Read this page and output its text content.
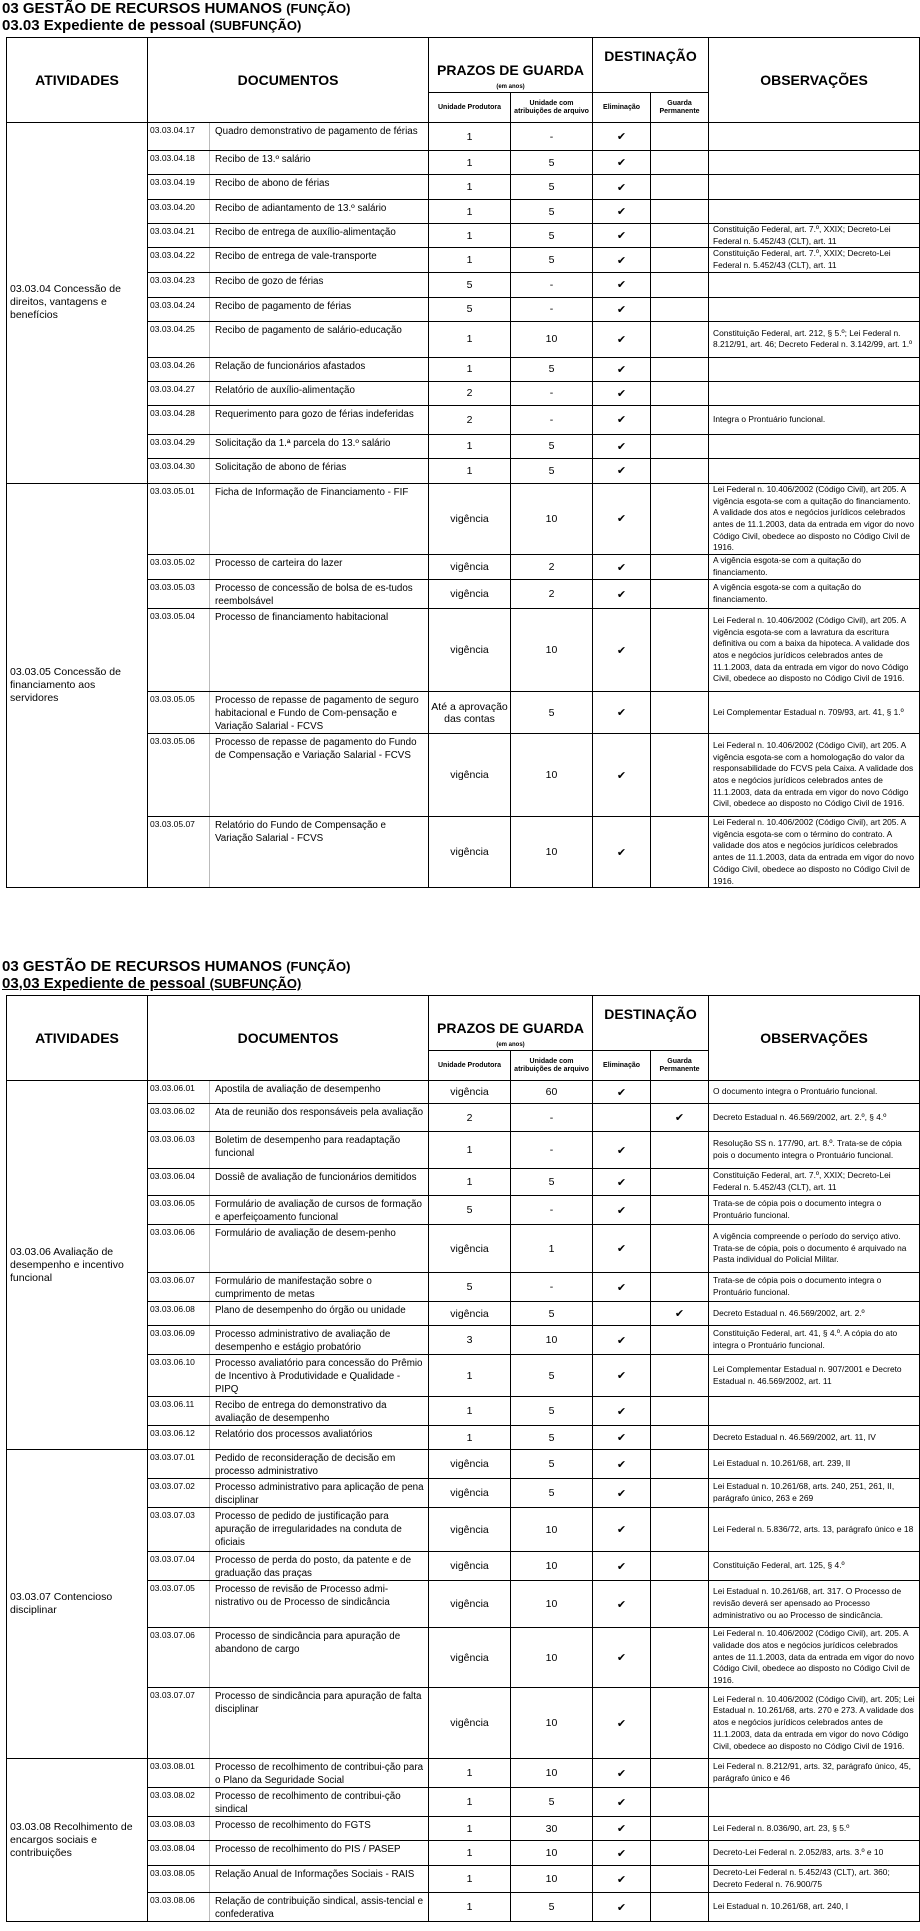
03 GESTÃO DE RECURSOS HUMANOS (FUNÇÃO)
03.03 Expediente de pessoal (SUBFUNÇÃO)
ATIVIDADES	DOCUMENTOS		PRAZOS DE GUARDA
(em anos)		DESTINAÇÃO		OBSERVAÇÕES
			Unidade Produtora	Unidade com atribuições de arquivo	Eliminação	Guarda Permanente	
03.03.04 Concessão de direitos, vantagens e benefícios	03.03.04.17	Quadro demonstrativo de pagamento de férias	1	-	✔		
	03.03.04.18	Recibo de 13.º salário	1	5	✔		
	03.03.04.19	Recibo de abono de férias	1	5	✔		
	03.03.04.20	Recibo de adiantamento de 13.º salário	1	5	✔		
	03.03.04.21	Recibo de entrega de auxílio-alimentação	1	5	✔		Constituição Federal, art. 7.º, XXIX; Decreto-Lei Federal n. 5.452/43 (CLT), art. 11
	03.03.04.22	Recibo de entrega de vale-transporte	1	5	✔		Constituição Federal, art. 7.º, XXIX; Decreto-Lei Federal n. 5.452/43 (CLT), art. 11
	03.03.04.23	Recibo de gozo de férias	5	-	✔		
	03.03.04.24	Recibo de pagamento de férias	5	-	✔		
	03.03.04.25	Recibo de pagamento de salário-educação	1	10	✔		Constituição Federal, art. 212, § 5.º; Lei Federal n. 8.212/91, art. 46; Decreto Federal n. 3.142/99, art. 1.º
	03.03.04.26	Relação de funcionários afastados	1	5	✔		
	03.03.04.27	Relatório de auxílio-alimentação	2	-	✔		
	03.03.04.28	Requerimento para gozo de férias indeferidas	2	-	✔		Integra o Prontuário funcional.
	03.03.04.29	Solicitação da 1.ª parcela do 13.º salário	1	5	✔		
	03.03.04.30	Solicitação de abono de férias	1	5	✔		
03.03.05 Concessão de financiamento aos servidores	03.03.05.01	Ficha de Informação de Financiamento - FIF	vigência	10	✔		Lei Federal n. 10.406/2002 (Código Civil), art 205. A vigência esgota-se com a quitação do financiamento. A validade dos atos e negócios jurídicos celebrados antes de 11.1.2003, data da entrada em vigor do novo Código Civil, obedece ao disposto no Código Civil de 1916.
	03.03.05.02	Processo de carteira do lazer	vigência	2	✔		A vigência esgota-se com a quitação do financiamento.
	03.03.05.03	Processo de concessão de bolsa de es-tudos reembolsável	vigência	2	✔		A vigência esgota-se com a quitação do financiamento.
	03.03.05.04	Processo de financiamento habitacional	vigência	10	✔		Lei Federal n. 10.406/2002 (Código Civil), art 205. A vigência esgota-se com a lavratura da escritura definitiva ou com a baixa da hipoteca. A validade dos atos e negócios jurídicos celebrados antes de 11.1.2003, data da entrada em vigor do novo Código Civil, obedece ao disposto no Código Civil de 1916.
	03.03.05.05	Processo de repasse de pagamento de seguro habitacional e Fundo de Com-pensação e Variação Salarial - FCVS	Até a aprovação das contas	5	✔		Lei Complementar Estadual n. 709/93, art. 41, § 1.º
	03.03.05.06	Processo de repasse de pagamento do Fundo de Compensação e Variação Salarial - FCVS	vigência	10	✔		Lei Federal n. 10.406/2002 (Código Civil), art 205. A vigência esgota-se com a homologação do valor da responsabilidade do FCVS pela Caixa. A validade dos atos e negócios jurídicos celebrados antes de 11.1.2003, data da entrada em vigor do novo Código Civil, obedece ao disposto no Código Civil de 1916.
	03.03.05.07	Relatório do Fundo de Compensação e Variação Salarial - FCVS	vigência	10	✔		Lei Federal n. 10.406/2002 (Código Civil), art 205. A vigência esgota-se com o término do contrato. A validade dos atos e negócios jurídicos celebrados antes de 11.1.2003, data da entrada em vigor do novo Código Civil, obedece ao disposto no Código Civil de 1916.
03 GESTÃO DE RECURSOS HUMANOS (FUNÇÃO)
03,03 Expediente de pessoal (SUBFUNÇÃO)
ATIVIDADES	DOCUMENTOS		PRAZOS DE GUARDA
(em anos)		DESTINAÇÃO		OBSERVAÇÕES
			Unidade Produtora	Unidade com atribuições de arquivo	Eliminação	Guarda Permanente	
03.03.06 Avaliação de desempenho e incentivo funcional	03.03.06.01	Apostila de avaliação de desempenho	vigência	60	✔		O documento integra o Prontuário funcional.
	03.03.06.02	Ata de reunião dos responsáveis pela avaliação	2	-		✔	Decreto Estadual n. 46.569/2002, art. 2.º, § 4.º
	03.03.06.03	Boletim de desempenho para readaptação funcional	1	-	✔		Resolução SS n. 177/90, art. 8.º. Trata-se de cópia pois o documento integra o Prontuário funcional.
	03.03.06.04	Dossiê de avaliação de funcionários demitidos	1	5	✔		Constituição Federal, art. 7.º, XXIX; Decreto-Lei Federal n. 5.452/43 (CLT), art. 11
	03.03.06.05	Formulário de avaliação de cursos de formação e aperfeiçoamento funcional	5	-	✔		Trata-se de cópia pois o documento integra o Prontuário funcional.
	03.03.06.06	Formulário de avaliação de desem-penho	vigência	1	✔		A vigência compreende o período do serviço ativo. Trata-se de cópia, pois o documento é arquivado na Pasta individual do Policial Militar.
	03.03.06.07	Formulário de manifestação sobre o cumprimento de metas	5	-	✔		Trata-se de cópia pois o documento integra o Prontuário funcional.
	03.03.06.08	Plano de desempenho do órgão ou unidade	vigência	5		✔	Decreto Estadual n. 46.569/2002, art. 2.º
	03.03.06.09	Processo administrativo de avaliação de desempenho e estágio probatório	3	10	✔		Constituição Federal, art. 41, § 4.º. A cópia do ato integra o Prontuário funcional.
	03.03.06.10	Processo avaliatório para concessão do Prêmio de Incentivo à Produtividade e Qualidade - PIPQ	1	5	✔		Lei Complementar Estadual n. 907/2001 e Decreto Estadual n. 46.569/2002, art. 11
	03.03.06.11	Recibo de entrega do demonstrativo da avaliação de desempenho	1	5	✔		
	03.03.06.12	Relatório dos processos avaliatórios	1	5	✔		Decreto Estadual n. 46.569/2002, art. 11, IV
03.03.07 Contencioso disciplinar	03.03.07.01	Pedido de reconsideração de decisão em processo administrativo	vigência	5	✔		Lei Estadual n. 10.261/68, art. 239, II
	03.03.07.02	Processo administrativo para aplicação de pena disciplinar	vigência	5	✔		Lei Estadual n. 10.261/68, arts. 240, 251, 261, II, parágrafo único, 263 e 269
	03.03.07.03	Processo de pedido de justificação para apuração de irregularidades na conduta de oficiais	vigência	10	✔		Lei Federal n. 5.836/72, arts. 13, parágrafo único e 18
	03.03.07.04	Processo de perda do posto, da patente e de graduação das praças	vigência	10	✔		Constituição Federal, art. 125, § 4.º
	03.03.07.05	Processo de revisão de Processo admi-nistrativo ou de Processo de sindicância	vigência	10	✔		Lei Estadual n. 10.261/68, art. 317. O Processo de revisão deverá ser apensado ao Processo administrativo ou ao Processo de sindicância.
	03.03.07.06	Processo de sindicância para apuração de abandono de cargo	vigência	10	✔		Lei Federal n. 10.406/2002 (Código Civil), art. 205. A validade dos atos e negócios jurídicos celebrados antes de 11.1.2003, data da entrada em vigor do novo Código Civil, obedece ao disposto no Código Civil de 1916.
	03.03.07.07	Processo de sindicância para apuração de falta disciplinar	vigência	10	✔		Lei Federal n. 10.406/2002 (Código Civil), art. 205; Lei Estadual n. 10.261/68, arts. 270 e 273. A validade dos atos e negócios jurídicos celebrados antes de 11.1.2003, data da entrada em vigor do novo Código Civil, obedece ao disposto no Código Civil de 1916.
03.03.08 Recolhimento de encargos sociais e contribuições	03.03.08.01	Processo de recolhimento de contribui-ção para o Plano da Seguridade Social	1	10	✔		Lei Federal n. 8.212/91, arts. 32, parágrafo único, 45, parágrafo único e 46
	03.03.08.02	Processo de recolhimento de contribui-ção sindical	1	5	✔		
	03.03.08.03	Processo de recolhimento do FGTS	1	30	✔		Lei Federal n. 8.036/90, art. 23, § 5.º
	03.03.08.04	Processo de recolhimento do PIS / PASEP	1	10	✔		Decreto-Lei Federal n. 2.052/83, arts. 3.º e 10
	03.03.08.05	Relação Anual de Informações Sociais - RAIS	1	10	✔		Decreto-Lei Federal n. 5.452/43 (CLT), art. 360; Decreto Federal n. 76.900/75
	03.03.08.06	Relação de contribuição sindical, assis-tencial e confederativa	1	5	✔		Lei Estadual n. 10.261/68, art. 240, I
